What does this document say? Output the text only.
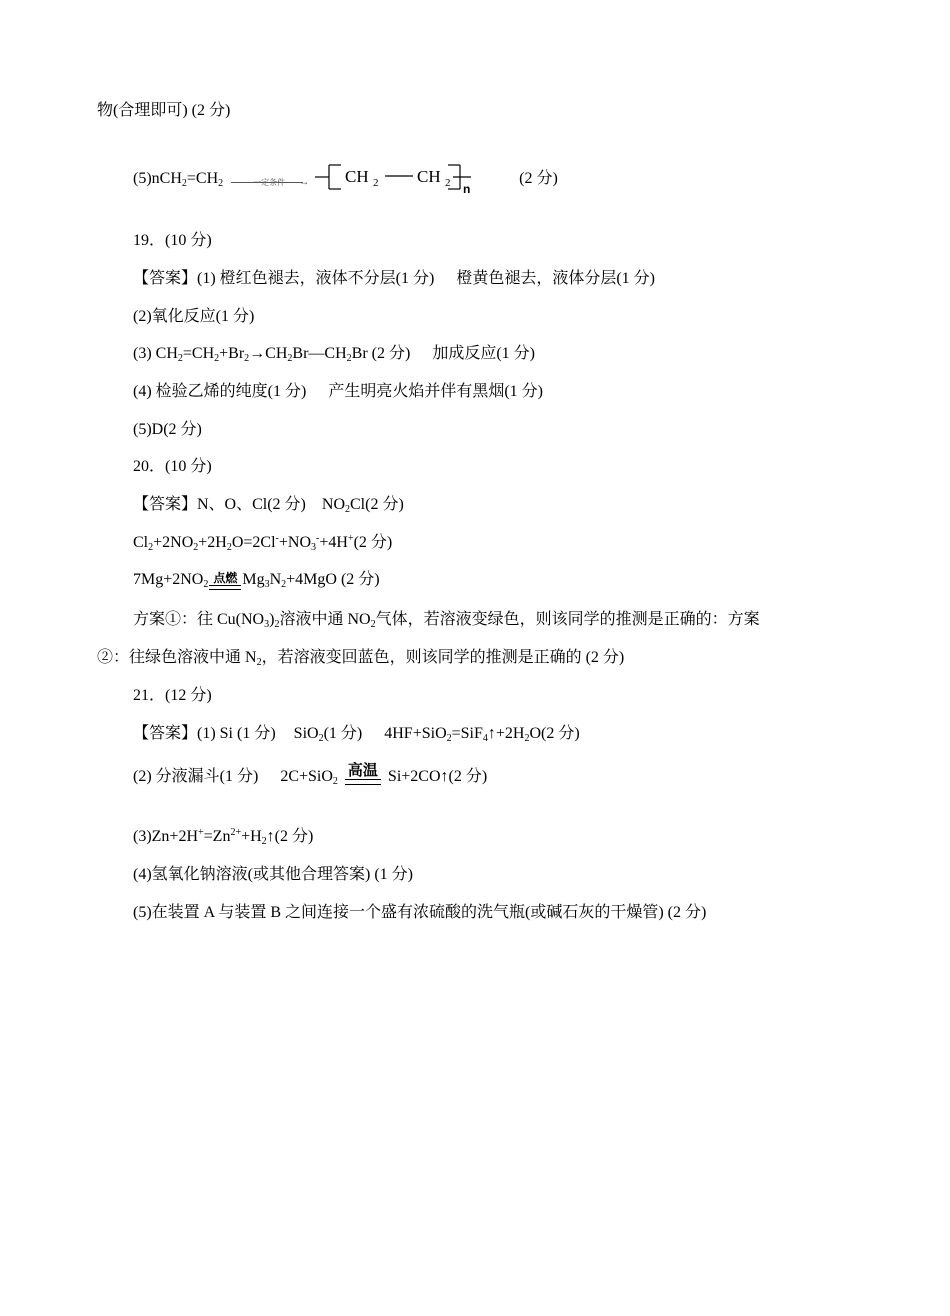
物(合理即可) (2 分)
$(5)nCH_2=CH_2$	→ CH 2 CH 2 n
(2 分)
19．(10 分)
【答案】(1) 橙红色褪去，液体不分层(1 分) 橙黄色褪去，液体分层(1 分)
(2)氧化反应(1 分)
(3) $CH_2=CH_2+Br_2\to CH_2Br—CH_2Br$ (2 分) 加成反应(1 分)
(4) 检验乙烯的纯度(1 分) 产生明亮火焰并伴有黑烟(1 分)
(5)D(2 分)
20．(10 分)
【答案】N、O、Cl(2 分) $NO_2Cl(2$ 分)
$Cl_2+2NO_2+2H_2O=2Cl^-+NO_3^-+4H^+(2$ 分)
$7Mg+2NO_2$ 点燃 $Mg_3N_2+4MgO$ (2 分)
方案①：往 $Cu(NO_3)_2$溶液中通 $NO_2$气体，若溶液变绿色，则该同学的推测是正确的：方案
②：往绿色溶液中通 $N_2$，若溶液变回蓝色，则该同学的推测是正确的 (2 分)
21．(12 分)
【答案】(1) Si (1 分) SiO$_2$(1 分) $4HF+SiO_2=SiF_4↑+2H_2O(2$ 分)
(2) 分液漏斗(1 分) 2C+SiO$_2$
高温 Si+2CO↑(2 分)
$(3)Zn+2H^+=Zn^{2+}+H_2↑(2$ 分)
(4)氢氧化钠溶液(或其他合理答案) (1 分)
(5)在装置 A 与装置 B 之间连接一个盛有浓硫酸的洗气瓶(或碱石灰的干燥管) (2 分)
